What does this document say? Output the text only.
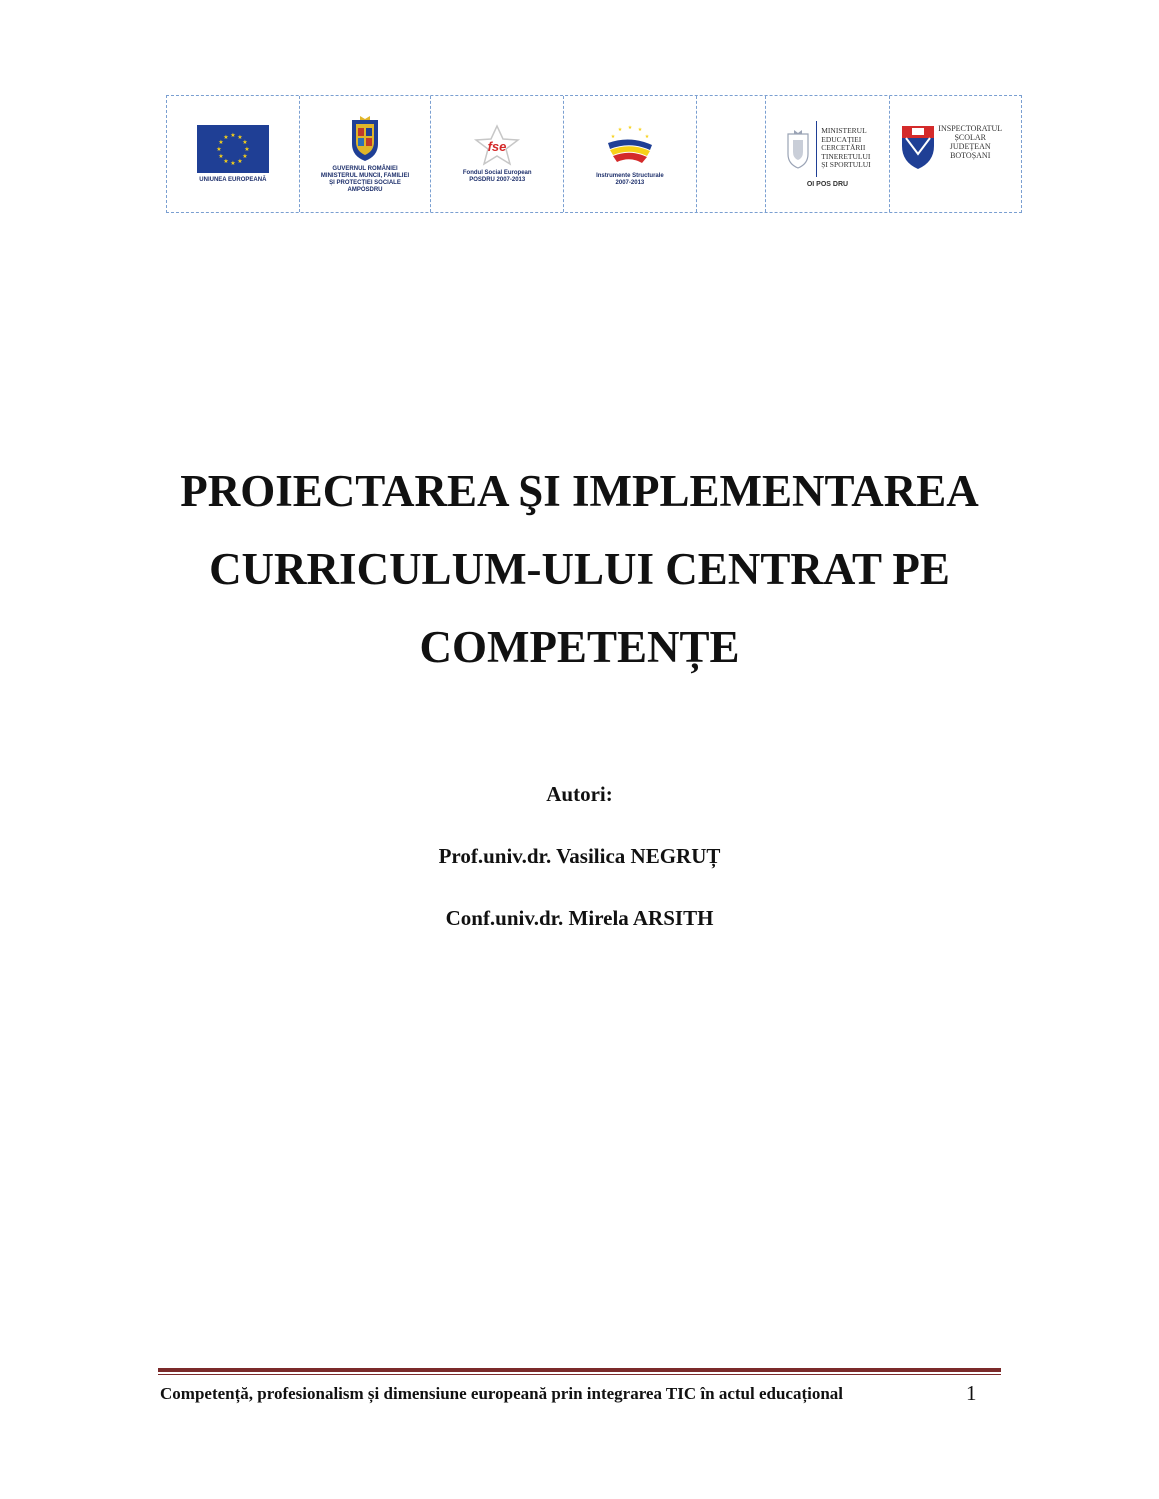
★ ★
★
★
★
★
★
★
★
★
★
★
UNIUNEA EUROPEANĂ
GUVERNUL ROMÂNIEI
MINISTERUL MUNCII, FAMILIEI
ȘI PROTECȚIEI SOCIALE
AMPOSDRU
fse
Fondul Social European
POSDRU 2007-2013
★ ★
★
★
★
Instrumente Structurale
2007-2013
MINISTERUL
EDUCAȚIEI
CERCETĂRII
TINERETULUI
ȘI SPORTULUI
OI POS DRU
INSPECTORATUL
ȘCOLAR
JUDEȚEAN
BOTOȘANI
PROIECTAREA ŞI IMPLEMENTAREA
CURRICULUM-ULUI CENTRAT PE
COMPETENȚE
Autori:
Prof.univ.dr. Vasilica NEGRUȚ
Conf.univ.dr. Mirela ARSITH
Competență, profesionalism și dimensiune europeană prin integrarea TIC în actul educațional	1
